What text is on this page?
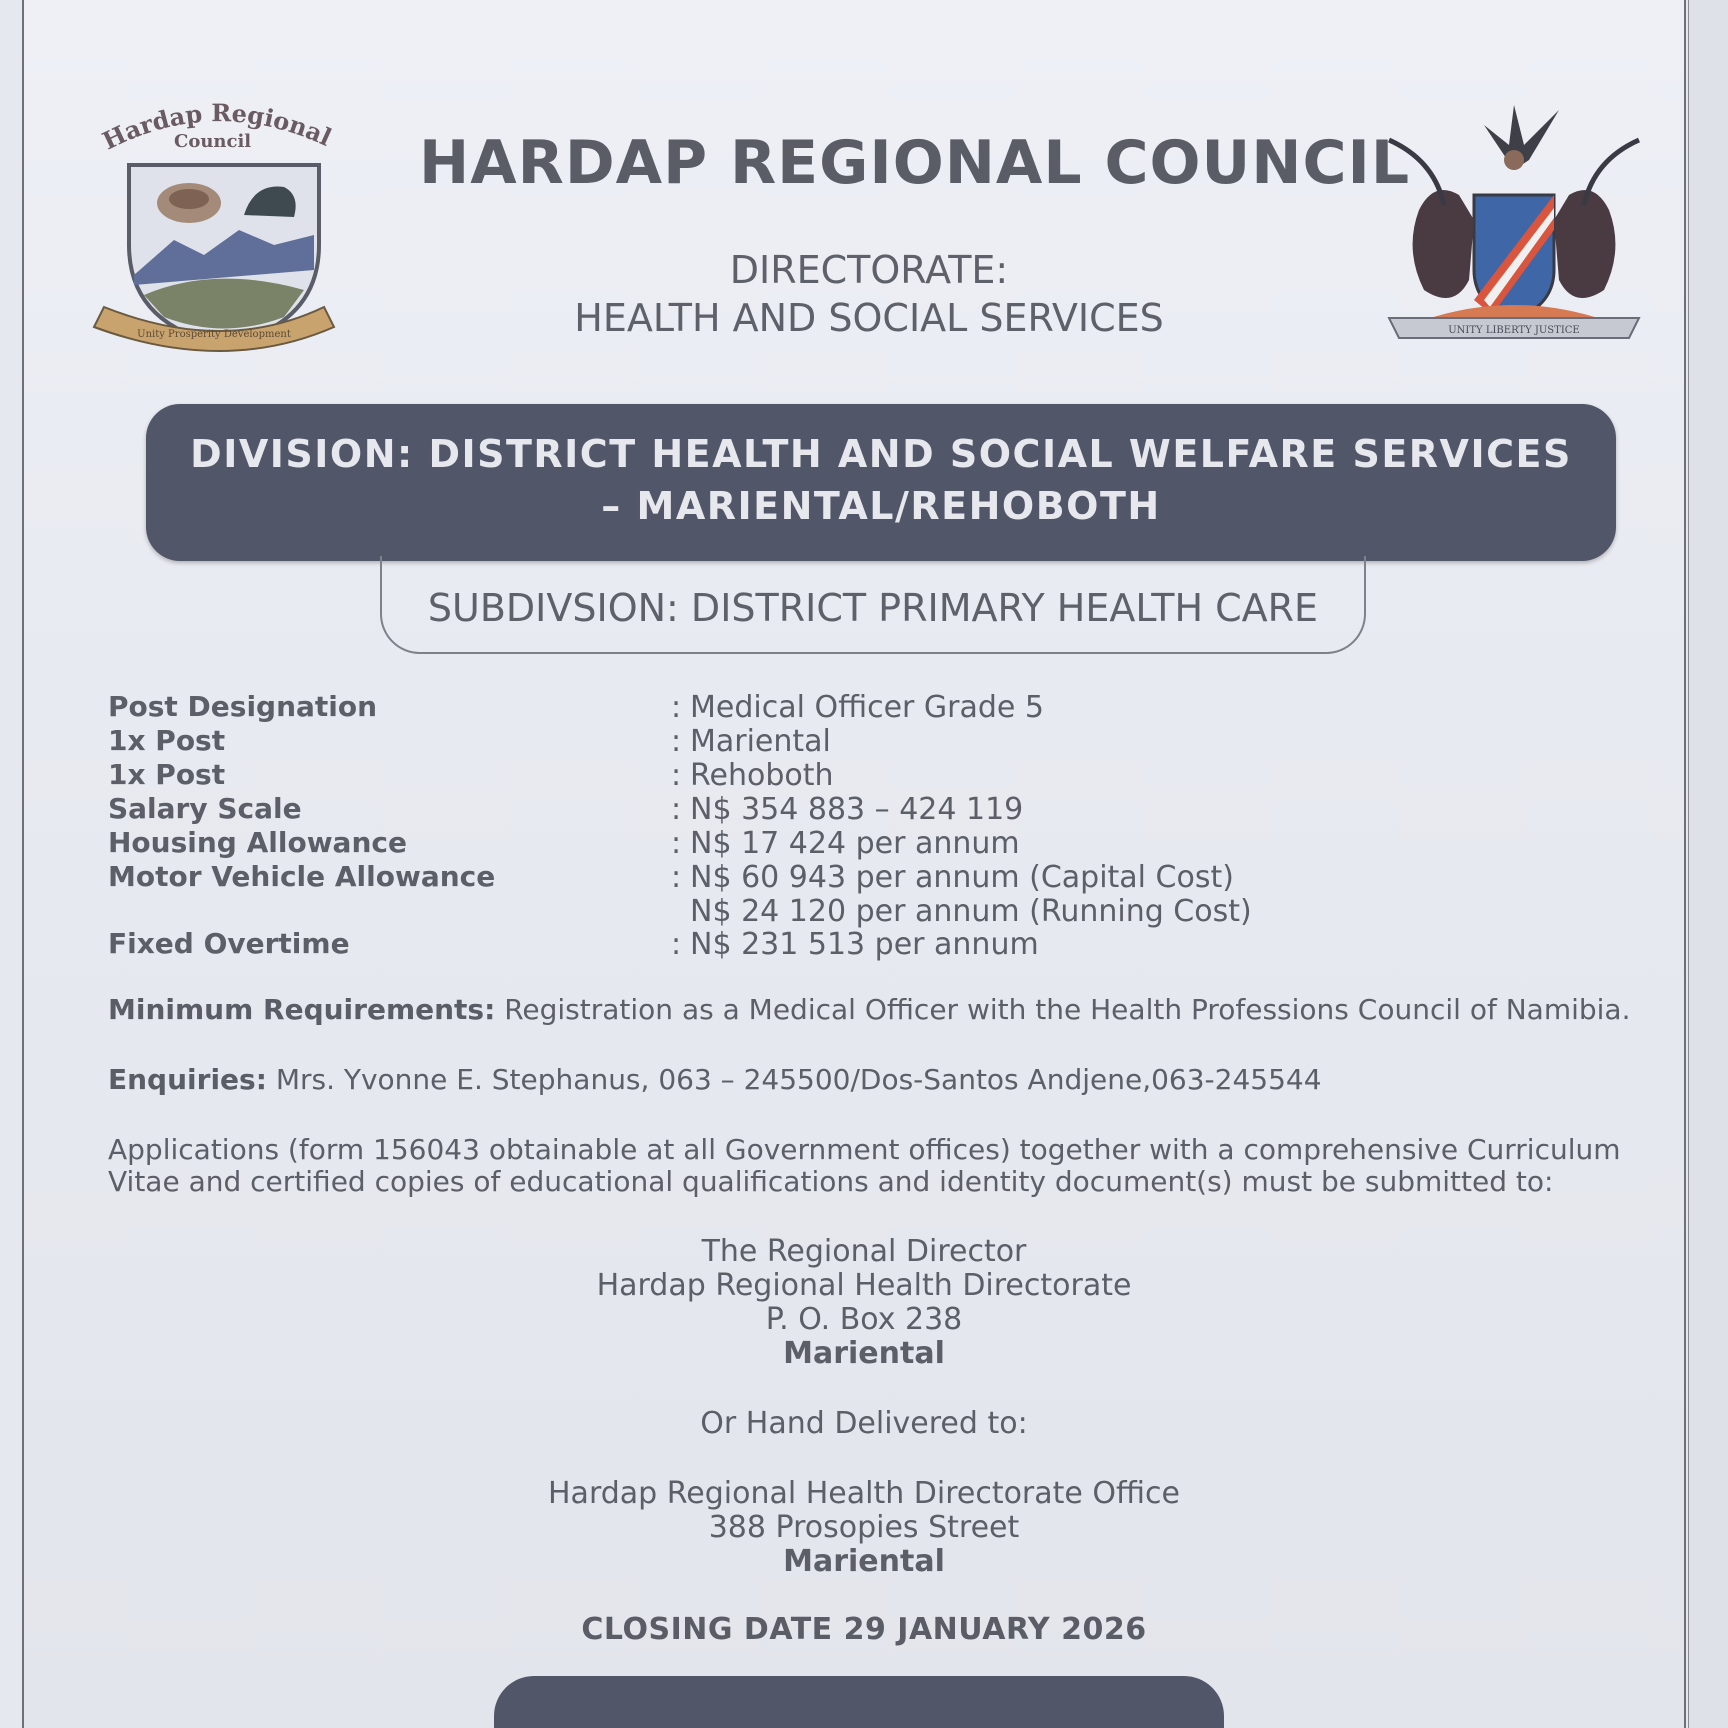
Hardap Regional
Council
Unity Prosperity Development
HARDAP REGIONAL COUNCIL
DIRECTORATE:
HEALTH AND SOCIAL SERVICES	UNITY LIBERTY JUSTICE
DIVISION: DISTRICT HEALTH AND SOCIAL WELFARE SERVICES
– MARIENTAL/REHOBOTH
SUBDIVSION: DISTRICT PRIMARY HEALTH CARE
Post Designation	: Medical Officer Grade 5
1x Post	: Mariental
1x Post	: Rehoboth
Salary Scale	: N$ 354 883 – 424 119
Housing Allowance	: N$ 17 424 per annum
Motor Vehicle Allowance	: N$ 60 943 per annum (Capital Cost)
N$ 24 120 per annum (Running Cost)
Fixed Overtime	: N$ 231 513 per annum
Minimum Requirements: Registration as a Medical Officer with the Health Professions Council of Namibia.
Enquiries: Mrs. Yvonne E. Stephanus, 063 – 245500/Dos-Santos Andjene,063-245544
Applications (form 156043 obtainable at all Government offices) together with a comprehensive Curriculum
Vitae and certified copies of educational qualifications and identity document(s) must be submitted to:
The Regional Director
Hardap Regional Health Directorate
P. O. Box 238
Mariental
Or Hand Delivered to:
Hardap Regional Health Directorate Office
388 Prosopies Street
Mariental
CLOSING DATE 29 JANUARY 2026
